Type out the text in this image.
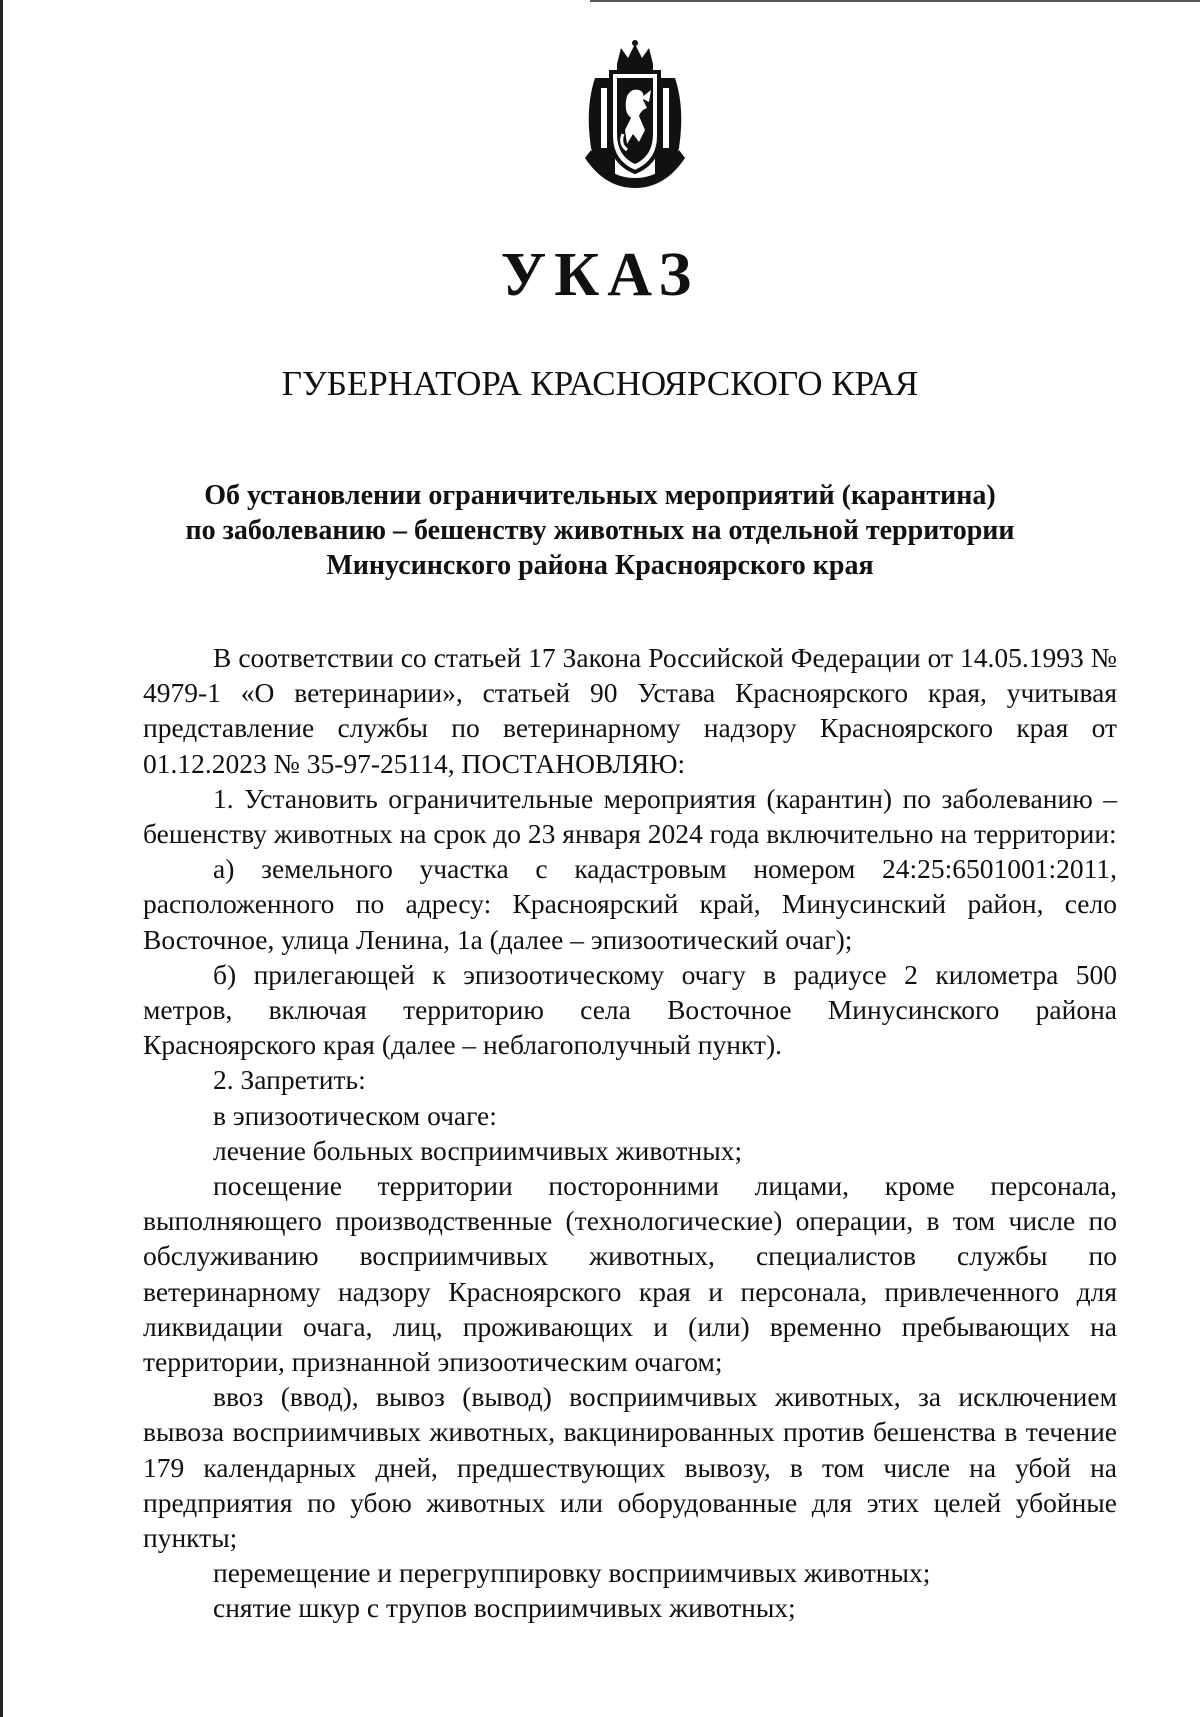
УКАЗ
ГУБЕРНАТОРА КРАСНОЯРСКОГО КРАЯ
Об установлении ограничительных мероприятий (карантина)
по заболеванию – бешенству животных на отдельной территории
Минусинского района Красноярского края

В соответствии со статьей 17 Закона Российской Федерации от 14.05.1993 № 4979-1 «О ветеринарии», статьей 90 Устава Красноярского края, учитывая представление службы по ветеринарному надзору Красноярского края от 01.12.2023 № 35-97-25114, ПОСТАНОВЛЯЮ:

1. Установить ограничительные мероприятия (карантин) по заболеванию – бешенству животных на срок до 23 января 2024 года включительно на территории:

а) земельного участка с кадастровым номером 24:25:6501001:2011, расположенного по адресу: Красноярский край, Минусинский район, село Восточное, улица Ленина, 1а (далее – эпизоотический очаг);

б) прилегающей к эпизоотическому очагу в радиусе 2 километра 500 метров, включая территорию села Восточное Минусинского района Красноярского края (далее – неблагополучный пункт).

2. Запретить:

в эпизоотическом очаге:

лечение больных восприимчивых животных;

посещение территории посторонними лицами, кроме персонала, выполняющего производственные (технологические) операции, в том числе по обслуживанию восприимчивых животных, специалистов службы по ветеринарному надзору Красноярского края и персонала, привлеченного для ликвидации очага, лиц, проживающих и (или) временно пребывающих на территории, признанной эпизоотическим очагом;

ввоз (ввод), вывоз (вывод) восприимчивых животных, за исключением вывоза восприимчивых животных, вакцинированных против бешенства в течение 179 календарных дней, предшествующих вывозу, в том числе на убой на предприятия по убою животных или оборудованные для этих целей убойные пункты;

перемещение и перегруппировку восприимчивых животных;

снятие шкур с трупов восприимчивых животных;
